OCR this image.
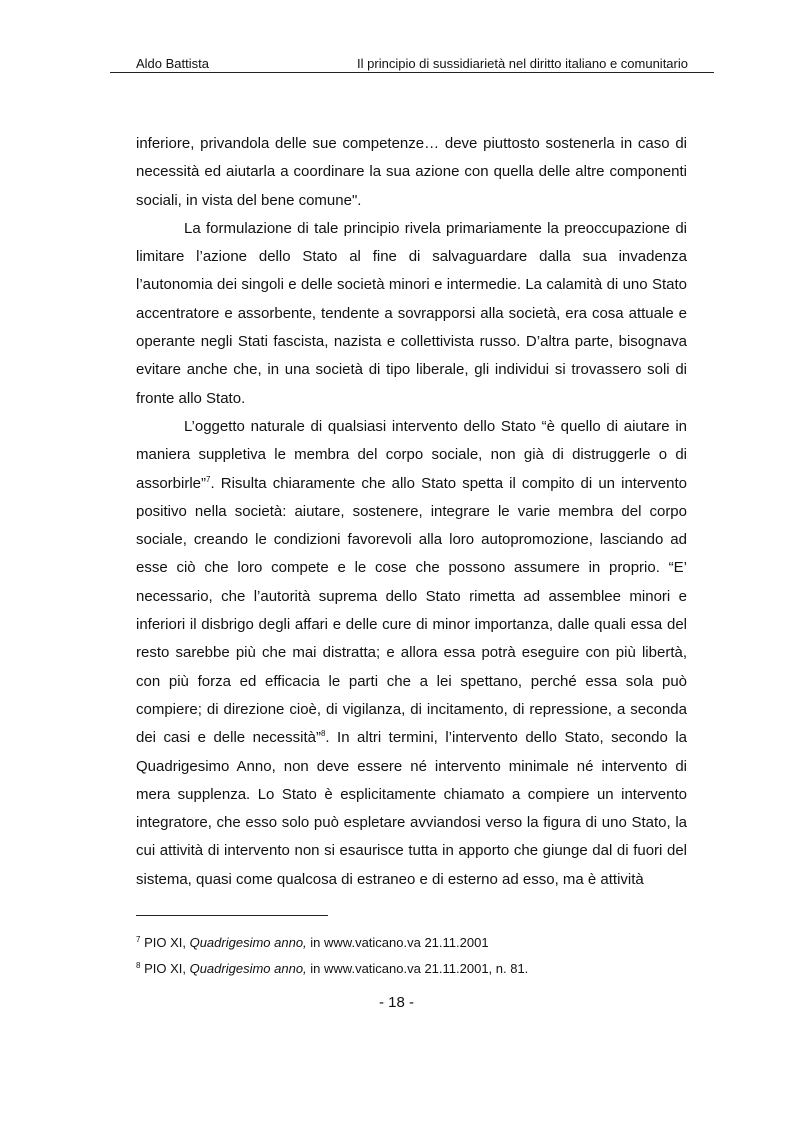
Aldo Battista	Il principio di sussidiarietà nel diritto italiano e comunitario

inferiore, privandola delle sue competenze… deve piuttosto sostenerla in caso di necessità ed aiutarla a coordinare la sua azione con quella delle altre componenti sociali, in vista del bene comune".

La formulazione di tale principio rivela primariamente la preoccupazione di limitare l’azione dello Stato al fine di salvaguardare dalla sua invadenza l’autonomia dei singoli e delle società minori e intermedie. La calamità di uno Stato accentratore e assorbente, tendente a sovrapporsi alla società, era cosa attuale e operante negli Stati fascista, nazista e collettivista russo. D’altra parte, bisognava evitare anche che, in una società di tipo liberale, gli individui si trovassero soli di fronte allo Stato.

L’oggetto naturale di qualsiasi intervento dello Stato “è quello di aiutare in maniera suppletiva le membra del corpo sociale, non già di distruggerle o di assorbirle”$^7$. Risulta chiaramente che allo Stato spetta il compito di un intervento positivo nella società: aiutare, sostenere, integrare le varie membra del corpo sociale, creando le condizioni favorevoli alla loro autopromozione, lasciando ad esse ciò che loro compete e le cose che possono assumere in proprio. “E’ necessario, che l’autorità suprema dello Stato rimetta ad assemblee minori e inferiori il disbrigo degli affari e delle cure di minor importanza, dalle quali essa del resto sarebbe più che mai distratta; e allora essa potrà eseguire con più libertà, con più forza ed efficacia le parti che a lei spettano, perché essa sola può compiere; di direzione cioè, di vigilanza, di incitamento, di repressione, a seconda dei casi e delle necessità”$^8$. In altri termini, l’intervento dello Stato, secondo la Quadrigesimo Anno, non deve essere né intervento minimale né intervento di mera supplenza. Lo Stato è esplicitamente chiamato a compiere un intervento integratore, che esso solo può espletare avviandosi verso la figura di uno Stato, la cui attività di intervento non si esaurisce tutta in apporto che giunge dal di fuori del sistema, quasi come qualcosa di estraneo e di esterno ad esso, ma è attività

$^7$ PIO XI, Quadrigesimo anno, in www.vaticano.va 21.11.2001
$^8$ PIO XI, Quadrigesimo anno, in www.vaticano.va 21.11.2001, n. 81.
- 18 -
